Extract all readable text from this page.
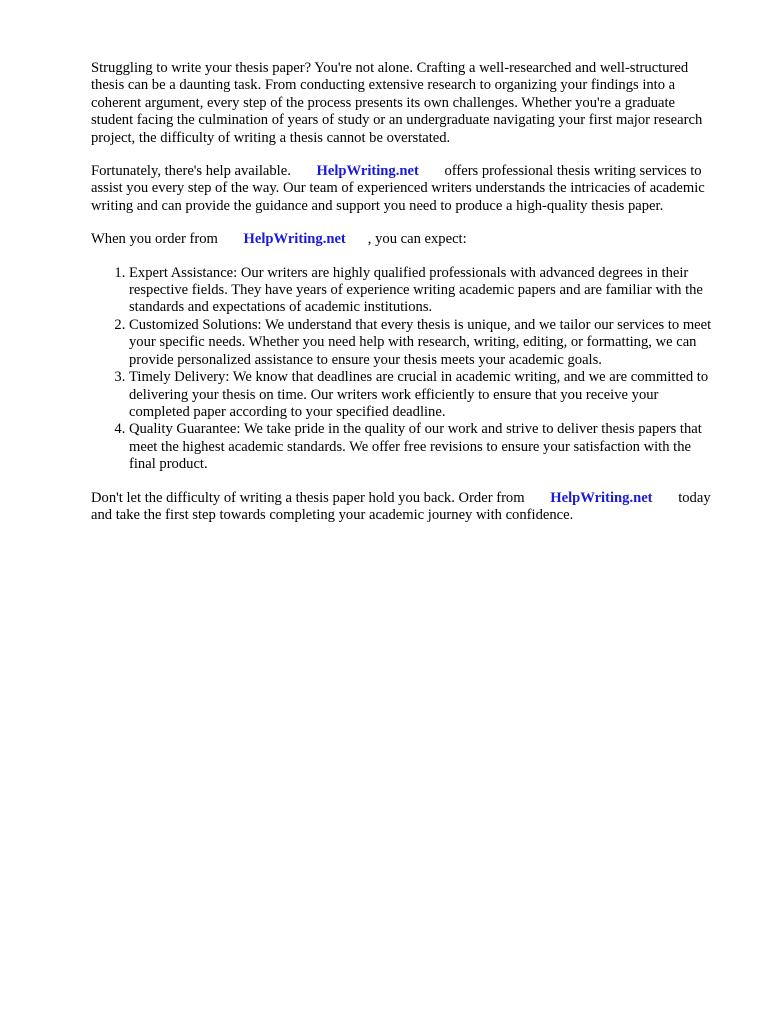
Struggling to write your thesis paper? You're not alone. Crafting a well-researched and well-structured thesis can be a daunting task. From conducting extensive research to organizing your findings into a coherent argument, every step of the process presents its own challenges. Whether you're a graduate student facing the culmination of years of study or an undergraduate navigating your first major research project, the difficulty of writing a thesis cannot be overstated.

Fortunately, there's help available. HelpWriting.net offers professional thesis writing services to assist you every step of the way. Our team of experienced writers understands the intricacies of academic writing and can provide the guidance and support you need to produce a high-quality thesis paper.

When you order from HelpWriting.net , you can expect:

1. Expert Assistance: Our writers are highly qualified professionals with advanced degrees in their respective fields. They have years of experience writing academic papers and are familiar with the standards and expectations of academic institutions.
2. Customized Solutions: We understand that every thesis is unique, and we tailor our services to meet your specific needs. Whether you need help with research, writing, editing, or formatting, we can provide personalized assistance to ensure your thesis meets your academic goals.
3. Timely Delivery: We know that deadlines are crucial in academic writing, and we are committed to delivering your thesis on time. Our writers work efficiently to ensure that you receive your completed paper according to your specified deadline.
4. Quality Guarantee: We take pride in the quality of our work and strive to deliver thesis papers that meet the highest academic standards. We offer free revisions to ensure your satisfaction with the final product.

Don't let the difficulty of writing a thesis paper hold you back. Order from HelpWriting.net today and take the first step towards completing your academic journey with confidence.
